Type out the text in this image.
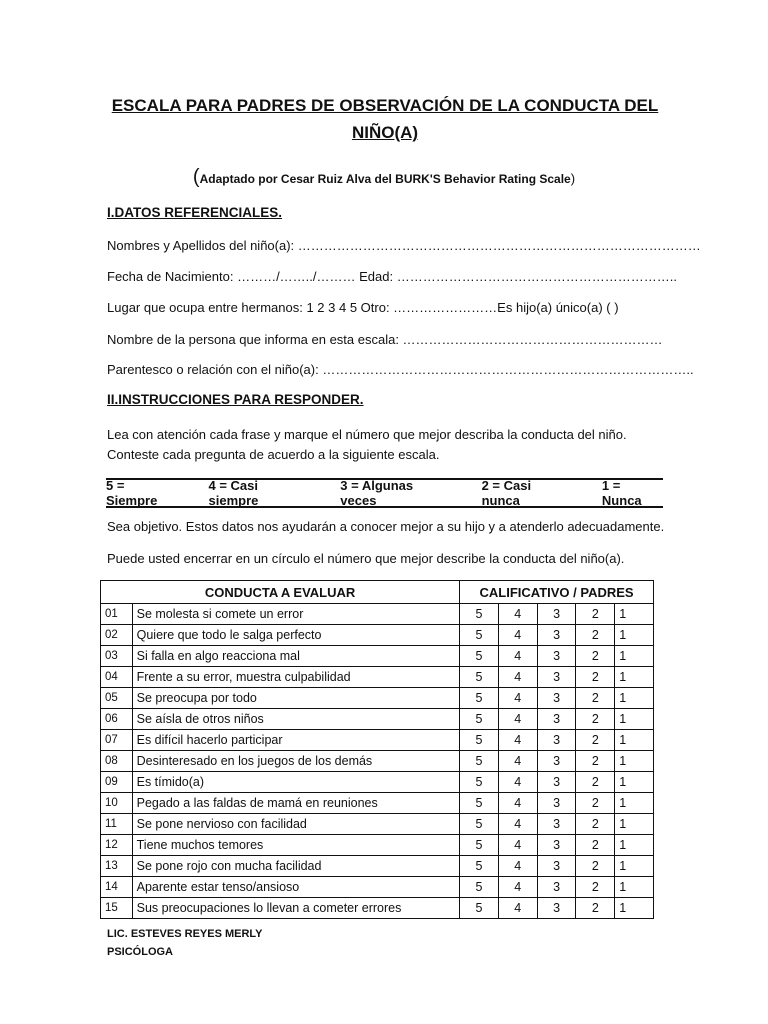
ESCALA PARA PADRES DE OBSERVACIÓN DE LA CONDUCTA DEL NIÑO(A)
(Adaptado por Cesar Ruiz Alva del BURK'S Behavior Rating Scale)
I.DATOS REFERENCIALES.
Nombres y Apellidos del niño(a): …………………………………………………………………………………
Fecha de Nacimiento: ………/……../……… Edad: ………………………………………………………..
Lugar que ocupa entre hermanos: 1 2 3 4 5 Otro: ……………………Es hijo(a) único(a) ( )
Nombre de la persona que informa en esta escala: ……………………………………………………
Parentesco o relación con el niño(a): …………………………………………………………………………..
II.INSTRUCCIONES PARA RESPONDER.
Lea con atención cada frase y marque el número que mejor describa la conducta del niño. Conteste cada pregunta de acuerdo a la siguiente escala.
5 = Siempre
4 = Casi siempre
3 = Algunas veces
2 = Casi nunca
1 = Nunca
Sea objetivo. Estos datos nos ayudarán a conocer mejor a su hijo y a atenderlo adecuadamente.
Puede usted encerrar en un círculo el número que mejor describe la conducta del niño(a).
CONDUCTA A EVALUAR		CALIFICATIVO / PADRES				
01	Se molesta si comete un error	5	4	3	2	1
02	Quiere que todo le salga perfecto	5	4	3	2	1
03	Si falla en algo reacciona mal	5	4	3	2	1
04	Frente a su error, muestra culpabilidad	5	4	3	2	1
05	Se preocupa por todo	5	4	3	2	1
06	Se aísla de otros niños	5	4	3	2	1
07	Es difícil hacerlo participar	5	4	3	2	1
08	Desinteresado en los juegos de los demás	5	4	3	2	1
09	Es tímido(a)	5	4	3	2	1
10	Pegado a las faldas de mamá en reuniones	5	4	3	2	1
11	Se pone nervioso con facilidad	5	4	3	2	1
12	Tiene muchos temores	5	4	3	2	1
13	Se pone rojo con mucha facilidad	5	4	3	2	1
14	Aparente estar tenso/ansioso	5	4	3	2	1
15	Sus preocupaciones lo llevan a cometer errores	5	4	3	2	1
LIC. ESTEVES REYES MERLY
PSICÓLOGA
